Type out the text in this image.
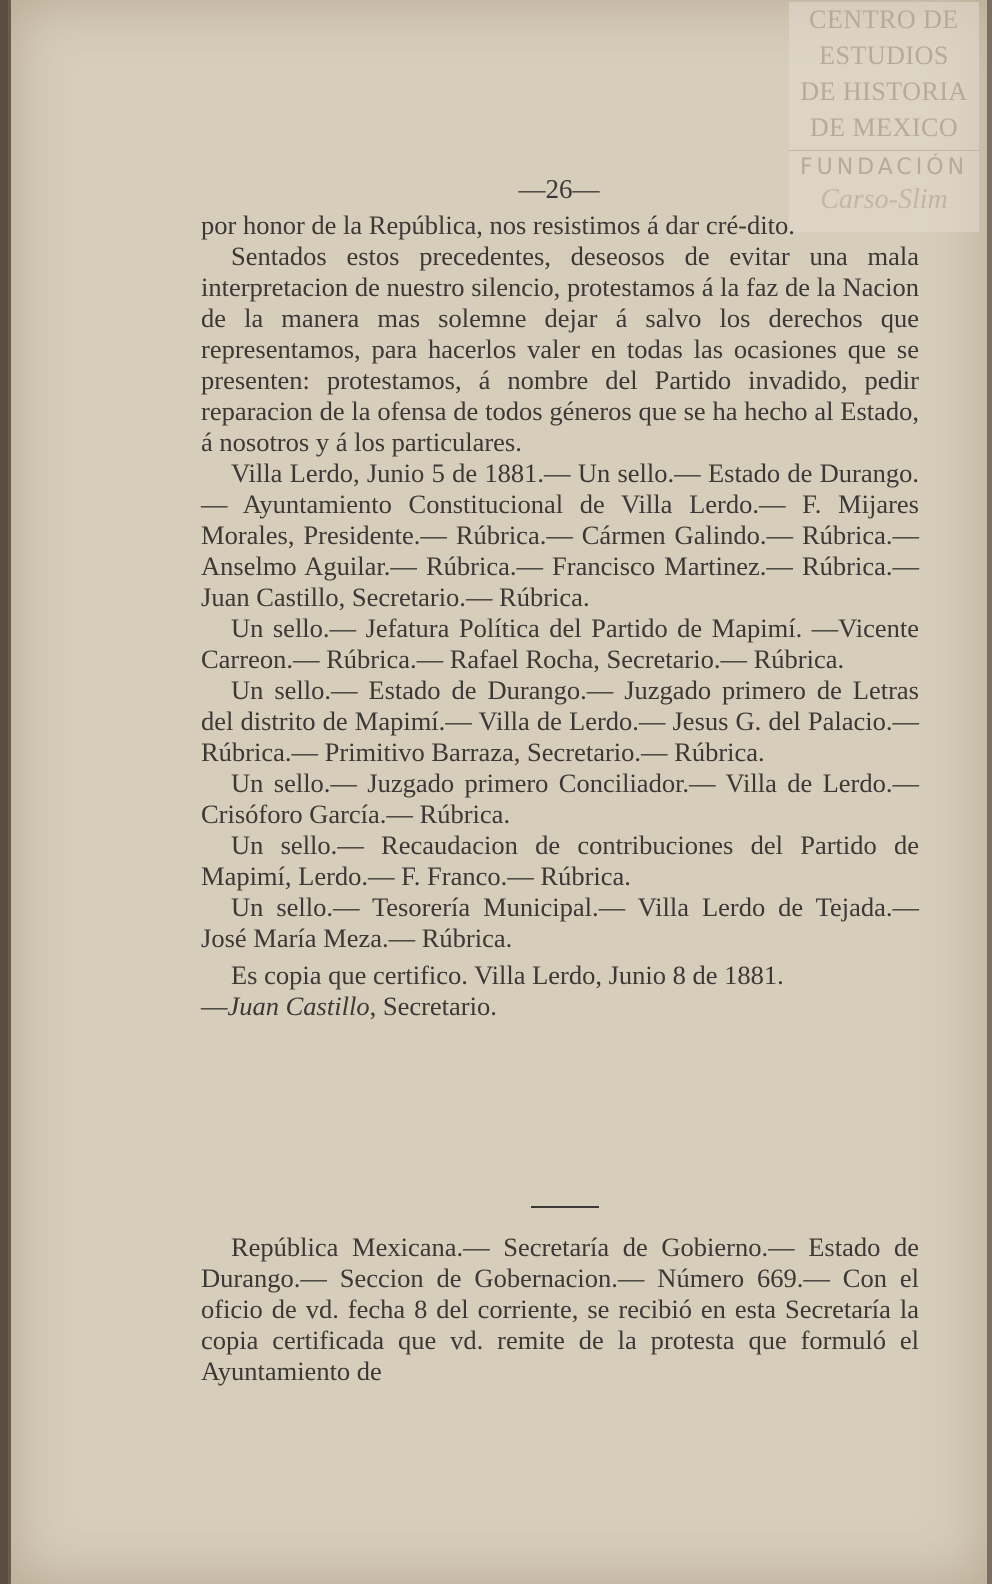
CENTRO DE
ESTUDIOS
DE HISTORIA
DE MEXICO
FUNDACIÓN
Carso-Slim
—26—

por honor de la República, nos resistimos á dar cré-dito.

Sentados estos precedentes, deseosos de evitar una mala interpretacion de nuestro silencio, protestamos á la faz de la Nacion de la manera mas solemne dejar á salvo los derechos que representamos, para hacerlos valer en todas las ocasiones que se presenten: protestamos, á nombre del Partido invadido, pedir reparacion de la ofensa de todos géneros que se ha hecho al Estado, á nosotros y á los particulares.

Villa Lerdo, Junio 5 de 1881.— Un sello.— Estado de Durango.— Ayuntamiento Constitucional de Villa Lerdo.— F. Mijares Morales, Presidente.— Rúbrica.— Cármen Galindo.— Rúbrica.— Anselmo Aguilar.— Rúbrica.— Francisco Martinez.— Rúbrica.— Juan Castillo, Secretario.— Rúbrica.

Un sello.— Jefatura Política del Partido de Mapimí. —Vicente Carreon.— Rúbrica.— Rafael Rocha, Secretario.— Rúbrica.

Un sello.— Estado de Durango.— Juzgado primero de Letras del distrito de Mapimí.— Villa de Lerdo.— Jesus G. del Palacio.— Rúbrica.— Primitivo Barraza, Secretario.— Rúbrica.

Un sello.— Juzgado primero Conciliador.— Villa de Lerdo.— Crisóforo García.— Rúbrica.

Un sello.— Recaudacion de contribuciones del Partido de Mapimí, Lerdo.— F. Franco.— Rúbrica.

Un sello.— Tesorería Municipal.— Villa Lerdo de Tejada.— José María Meza.— Rúbrica.

Es copia que certifico. Villa Lerdo, Junio 8 de 1881.
—Juan Castillo, Secretario.

República Mexicana.— Secretaría de Gobierno.— Estado de Durango.— Seccion de Gobernacion.— Número 669.— Con el oficio de vd. fecha 8 del corriente, se recibió en esta Secretaría la copia certificada que vd. remite de la protesta que formuló el Ayuntamiento de
